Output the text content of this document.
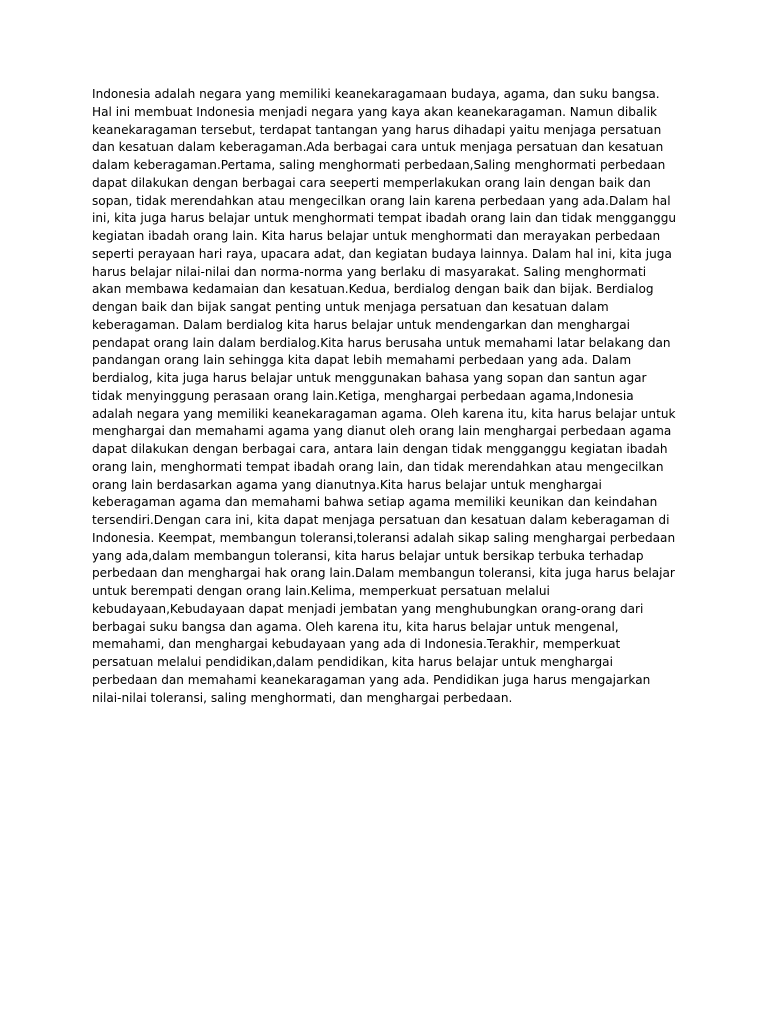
Indonesia adalah negara yang memiliki keanekaragamaan budaya, agama, dan suku bangsa. Hal ini membuat Indonesia menjadi negara yang kaya akan keanekaragaman. Namun dibalik keanekaragaman tersebut, terdapat tantangan yang harus dihadapi yaitu menjaga persatuan dan kesatuan dalam keberagaman.Ada berbagai cara untuk menjaga persatuan dan kesatuan dalam keberagaman.Pertama, saling menghormati perbedaan,Saling menghormati perbedaan dapat dilakukan dengan berbagai cara seeperti memperlakukan orang lain dengan baik dan sopan, tidak merendahkan atau mengecilkan orang lain karena perbedaan yang ada.Dalam hal ini, kita juga harus belajar untuk menghormati tempat ibadah orang lain dan tidak mengganggu kegiatan ibadah orang lain. Kita harus belajar untuk menghormati dan merayakan perbedaan seperti perayaan hari raya, upacara adat, dan kegiatan budaya lainnya. Dalam hal ini, kita juga harus belajar nilai-nilai dan norma-norma yang berlaku di masyarakat. Saling menghormati akan membawa kedamaian dan kesatuan.Kedua, berdialog dengan baik dan bijak. Berdialog dengan baik dan bijak sangat penting untuk menjaga persatuan dan kesatuan dalam keberagaman. Dalam berdialog kita harus belajar untuk mendengarkan dan menghargai pendapat orang lain dalam berdialog.Kita harus berusaha untuk memahami latar belakang dan pandangan orang lain sehingga kita dapat lebih memahami perbedaan yang ada. Dalam berdialog, kita juga harus belajar untuk menggunakan bahasa yang sopan dan santun agar tidak menyinggung perasaan orang lain.Ketiga, menghargai perbedaan agama,Indonesia adalah negara yang memiliki keanekaragaman agama. Oleh karena itu, kita harus belajar untuk menghargai dan memahami agama yang dianut oleh orang lain menghargai perbedaan agama dapat dilakukan dengan berbagai cara, antara lain dengan tidak mengganggu kegiatan ibadah orang lain, menghormati tempat ibadah orang lain, dan tidak merendahkan atau mengecilkan orang lain berdasarkan agama yang dianutnya.Kita harus belajar untuk menghargai keberagaman agama dan memahami bahwa setiap agama memiliki keunikan dan keindahan tersendiri.Dengan cara ini, kita dapat menjaga persatuan dan kesatuan dalam keberagaman di Indonesia. Keempat, membangun toleransi,toleransi adalah sikap saling menghargai perbedaan yang ada,dalam membangun toleransi, kita harus belajar untuk bersikap terbuka terhadap perbedaan dan menghargai hak orang lain.Dalam membangun toleransi, kita juga harus belajar untuk berempati dengan orang lain.Kelima, memperkuat persatuan melalui kebudayaan,Kebudayaan dapat menjadi jembatan yang menghubungkan orang-orang dari berbagai suku bangsa dan agama. Oleh karena itu, kita harus belajar untuk mengenal, memahami, dan menghargai kebudayaan yang ada di Indonesia.Terakhir, memperkuat persatuan melalui pendidikan,dalam pendidikan, kita harus belajar untuk menghargai perbedaan dan memahami keanekaragaman yang ada. Pendidikan juga harus mengajarkan nilai-nilai toleransi, saling menghormati, dan menghargai perbedaan.
